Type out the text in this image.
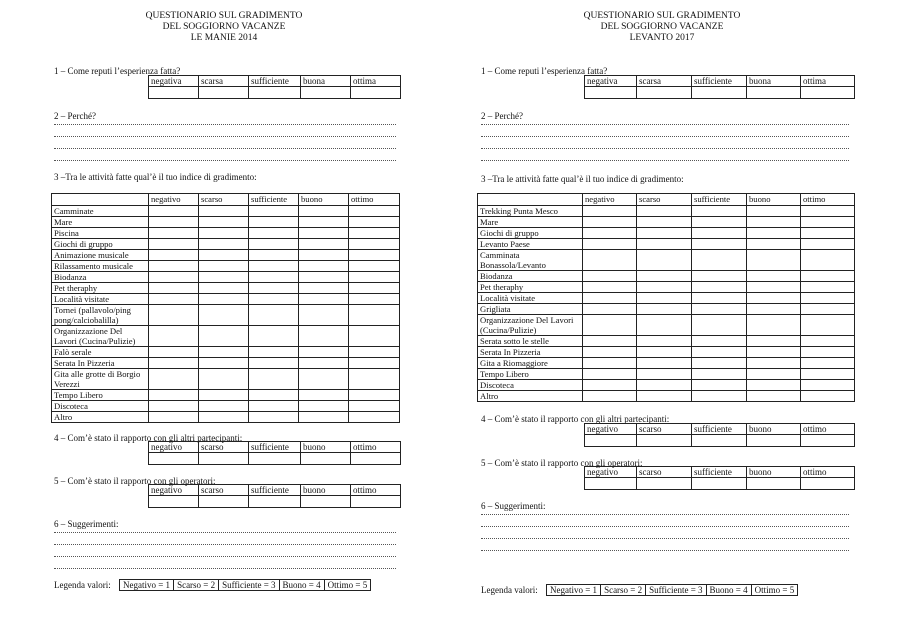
QUESTIONARIO SUL GRADIMENTO
DEL SOGGIORNO VACANZE
LE MANIE 2014
1 – Come reputi l’esperienza fatta?
negativa	scarsa	sufficiente	buona	ottima

2 – Perché?
3 –Tra le attività fatte qual’è il tuo indice di gradimento:
	negativo	scarso	sufficiente	buono	ottimo
Camminate					
Mare					
Piscina					
Giochi di gruppo					
Animazione musicale					
Rilassamento musicale					
Biodanza					
Pet theraphy					
Località visitate					
Tornei (pallavolo/ping pong/calciobalilla)					
Organizzazione Del Lavori (Cucina/Pulizie)					
Falò serale					
Serata In Pizzeria					
Gita alle grotte di Borgio Verezzi					
Tempo Libero					
Discoteca					
Altro					
4 – Com’è stato il rapporto con gli altri partecipanti:
negativo	scarso	sufficiente	buono	ottimo

5 – Com’è stato il rapporto con gli operatori:
negativo	scarso	sufficiente	buono	ottimo

6 – Suggerimenti:
Legenda valori: Negativo = 1	Scarso = 2	Sufficiente = 3	Buono = 4	Ottimo = 5
QUESTIONARIO SUL GRADIMENTO
DEL SOGGIORNO VACANZE
LEVANTO 2017
1 – Come reputi l’esperienza fatta?
negativa	scarsa	sufficiente	buona	ottima

2 – Perché?
3 –Tra le attività fatte qual’è il tuo indice di gradimento:
	negativo	scarso	sufficiente	buono	ottimo
Trekking Punta Mesco					
Mare					
Giochi di gruppo					
Levanto Paese					
Camminata Bonassola/Levanto					
Biodanza					
Pet theraphy					
Località visitate					
Grigliata					
Organizzazione Del Lavori (Cucina/Pulizie)					
Serata sotto le stelle					
Serata In Pizzeria					
Gita a Riomaggiore					
Tempo Libero					
Discoteca					
Altro					
4 – Com’è stato il rapporto con gli altri partecipanti:
negativo	scarso	sufficiente	buono	ottimo

5 – Com’è stato il rapporto con gli operatori:
negativo	scarso	sufficiente	buono	ottimo

6 – Suggerimenti:
Legenda valori: Negativo = 1	Scarso = 2	Sufficiente = 3	Buono = 4	Ottimo = 5
